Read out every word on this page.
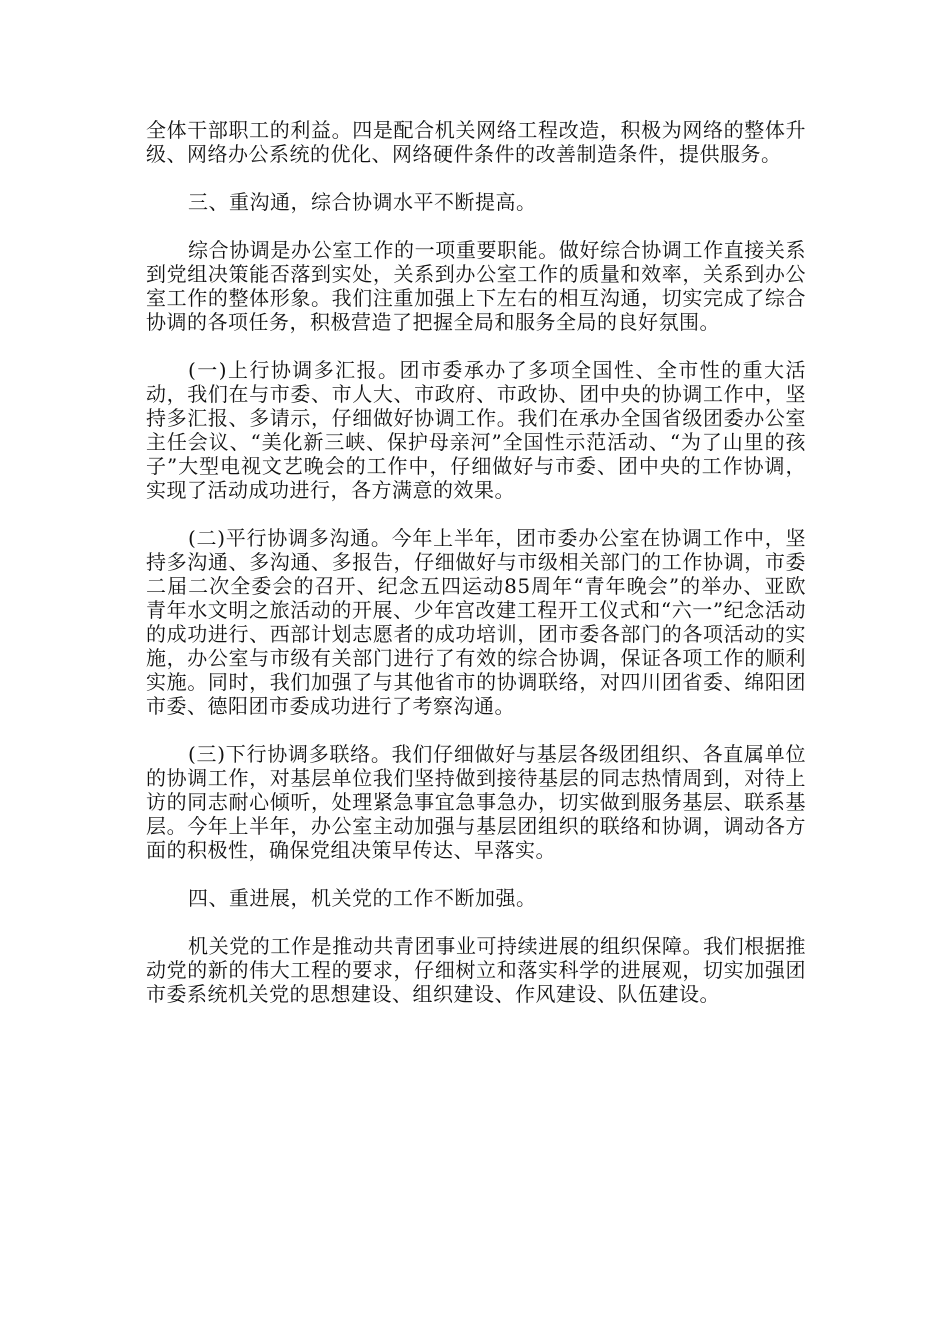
全体干部职工的利益。四是配合机关网络工程改造，积极为网络的整体升级、网络办公系统的优化、网络硬件条件的改善制造条件，提供服务。

三、重沟通，综合协调水平不断提高。

综合协调是办公室工作的一项重要职能。做好综合协调工作直接关系到党组决策能否落到实处，关系到办公室工作的质量和效率，关系到办公室工作的整体形象。我们注重加强上下左右的相互沟通，切实完成了综合协调的各项任务，积极营造了把握全局和服务全局的良好氛围。

(一)上行协调多汇报。团市委承办了多项全国性、全市性的重大活动，我们在与市委、市人大、市政府、市政协、团中央的协调工作中，坚持多汇报、多请示，仔细做好协调工作。我们在承办全国省级团委办公室主任会议、“美化新三峡、保护母亲河”全国性示范活动、“为了山里的孩子”大型电视文艺晚会的工作中，仔细做好与市委、团中央的工作协调，实现了活动成功进行，各方满意的效果。

(二)平行协调多沟通。今年上半年，团市委办公室在协调工作中，坚持多沟通、多沟通、多报告，仔细做好与市级相关部门的工作协调，市委二届二次全委会的召开、纪念五四运动85周年“青年晚会”的举办、亚欧青年水文明之旅活动的开展、少年宫改建工程开工仪式和“六一”纪念活动的成功进行、西部计划志愿者的成功培训，团市委各部门的各项活动的实施，办公室与市级有关部门进行了有效的综合协调，保证各项工作的顺利实施。同时，我们加强了与其他省市的协调联络，对四川团省委、绵阳团市委、德阳团市委成功进行了考察沟通。

(三)下行协调多联络。我们仔细做好与基层各级团组织、各直属单位的协调工作，对基层单位我们坚持做到接待基层的同志热情周到，对待上访的同志耐心倾听，处理紧急事宜急事急办，切实做到服务基层、联系基层。今年上半年，办公室主动加强与基层团组织的联络和协调，调动各方面的积极性，确保党组决策早传达、早落实。

四、重进展，机关党的工作不断加强。

机关党的工作是推动共青团事业可持续进展的组织保障。我们根据推动党的新的伟大工程的要求，仔细树立和落实科学的进展观，切实加强团市委系统机关党的思想建设、组织建设、作风建设、队伍建设。
